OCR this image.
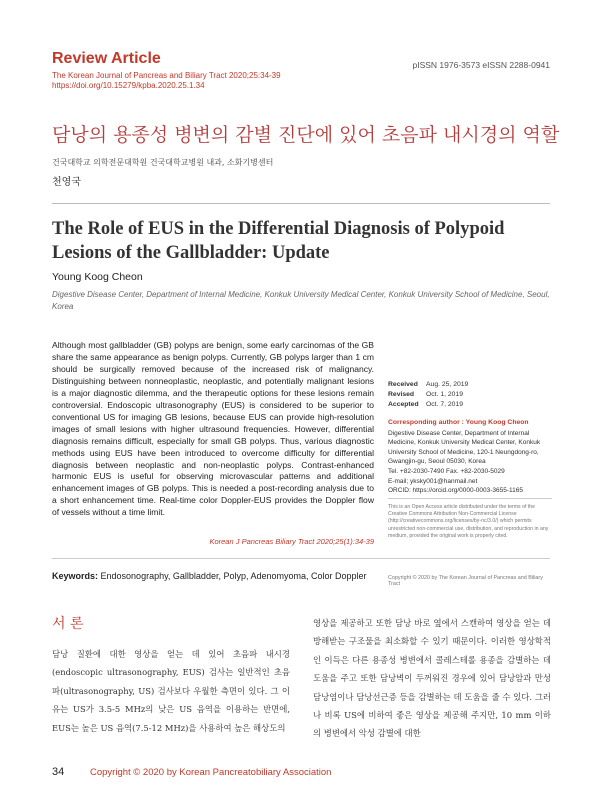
Review Article	pISSN 1976-3573 eISSN 2288-0941
The Korean Journal of Pancreas and Biliary Tract 2020;25:34-39
https://doi.org/10.15279/kpba.2020.25.1.34
담낭의 용종성 병변의 감별 진단에 있어 초음파 내시경의 역할
건국대학교 의학전문대학원 건국대학교병원 내과, 소화기병센터
천영국
The Role of EUS in the Differential Diagnosis of Polypoid Lesions of the Gallbladder: Update
Young Koog Cheon
Digestive Disease Center, Department of Internal Medicine, Konkuk University Medical Center, Konkuk University School of Medicine, Seoul, Korea
Although most gallbladder (GB) polyps are benign, some early carcinomas of the GB share the same appearance as benign polyps. Currently, GB polyps larger than 1 cm should be surgically removed because of the increased risk of malignancy. Distinguishing between nonneoplastic, neoplastic, and potentially malignant lesions is a major diagnostic dilemma, and the therapeutic options for these lesions remain controversial. Endoscopic ultrasonography (EUS) is considered to be superior to conventional US for imaging GB lesions, because EUS can provide high-resolution images of small lesions with higher ultrasound frequencies. However, differential diagnosis remains difficult, especially for small GB polyps. Thus, various diagnostic methods using EUS have been introduced to overcome difficulty for differential diagnosis between neoplastic and non-neoplastic polyps. Contrast-enhanced harmonic EUS is useful for observing microvascular patterns and additional enhancement images of GB polyps. This is needed a post-recording analysis due to a short enhancement time. Real-time color Doppler-EUS provides the Doppler flow of vessels without a time limit.
Korean J Pancreas Biliary Tract 2020;25(1):34-39
Keywords: Endosonography, Gallbladder, Polyp, Adenomyoma, Color Doppler
Received	Aug. 25, 2019
Revised	Oct. 1, 2019
Accepted	Oct. 7, 2019
Corresponding author : Young Koog Cheon
Digestive Disease Center, Department of Internal
Medicine, Konkuk University Medical Center, Konkuk
University School of Medicine, 120-1 Neungdong-ro,
Gwangjin-gu, Seoul 05030, Korea
Tel. +82-2030-7490 Fax. +82-2030-5029
E-mail; yksky001@hanmail.net
ORCID: https://orcid.org/0000-0003-3655-1165
This is an Open Access article distributed under the terms of the Creative Commons Attribution Non-Commercial License (http://creativecommons.org/licenses/by-nc/3.0/) which permits unrestricted non-commercial use, distribution, and reproduction in any medium, provided the original work is properly cited.
Copyright © 2020 by The Korean Journal of Pancreas and Biliary Tract
서 론
담낭 질환에 대한 영상을 얻는 데 있어 초음파 내시경(endoscopic ultrasonography, EUS) 검사는 일반적인 초음파(ultrasonography, US) 검사보다 우월한 측면이 있다. 그 이유는 US가 3.5-5 MHz의 낮은 US 음역을 이용하는 반면에, EUS는 높은 US 음역(7.5-12 MHz)을 사용하여 높은 해상도의
영상을 제공하고 또한 담낭 바로 옆에서 스캔하여 영상을 얻는 데 방해받는 구조물을 최소화할 수 있기 때문이다. 이러한 영상학적인 이득은 다른 용종성 병변에서 콜레스테롤 용종을 감별하는 데 도움을 주고 또한 담낭벽이 두꺼워진 경우에 있어 담낭암과 만성 담낭염이나 담낭선근증 등을 감별하는 데 도움을 줄 수 있다. 그러나 비록 US에 비하여 좋은 영상을 제공해 주지만, 10 mm 이하의 병변에서 악성 감별에 대한
34	Copyright © 2020 by Korean Pancreatobiliary Association
